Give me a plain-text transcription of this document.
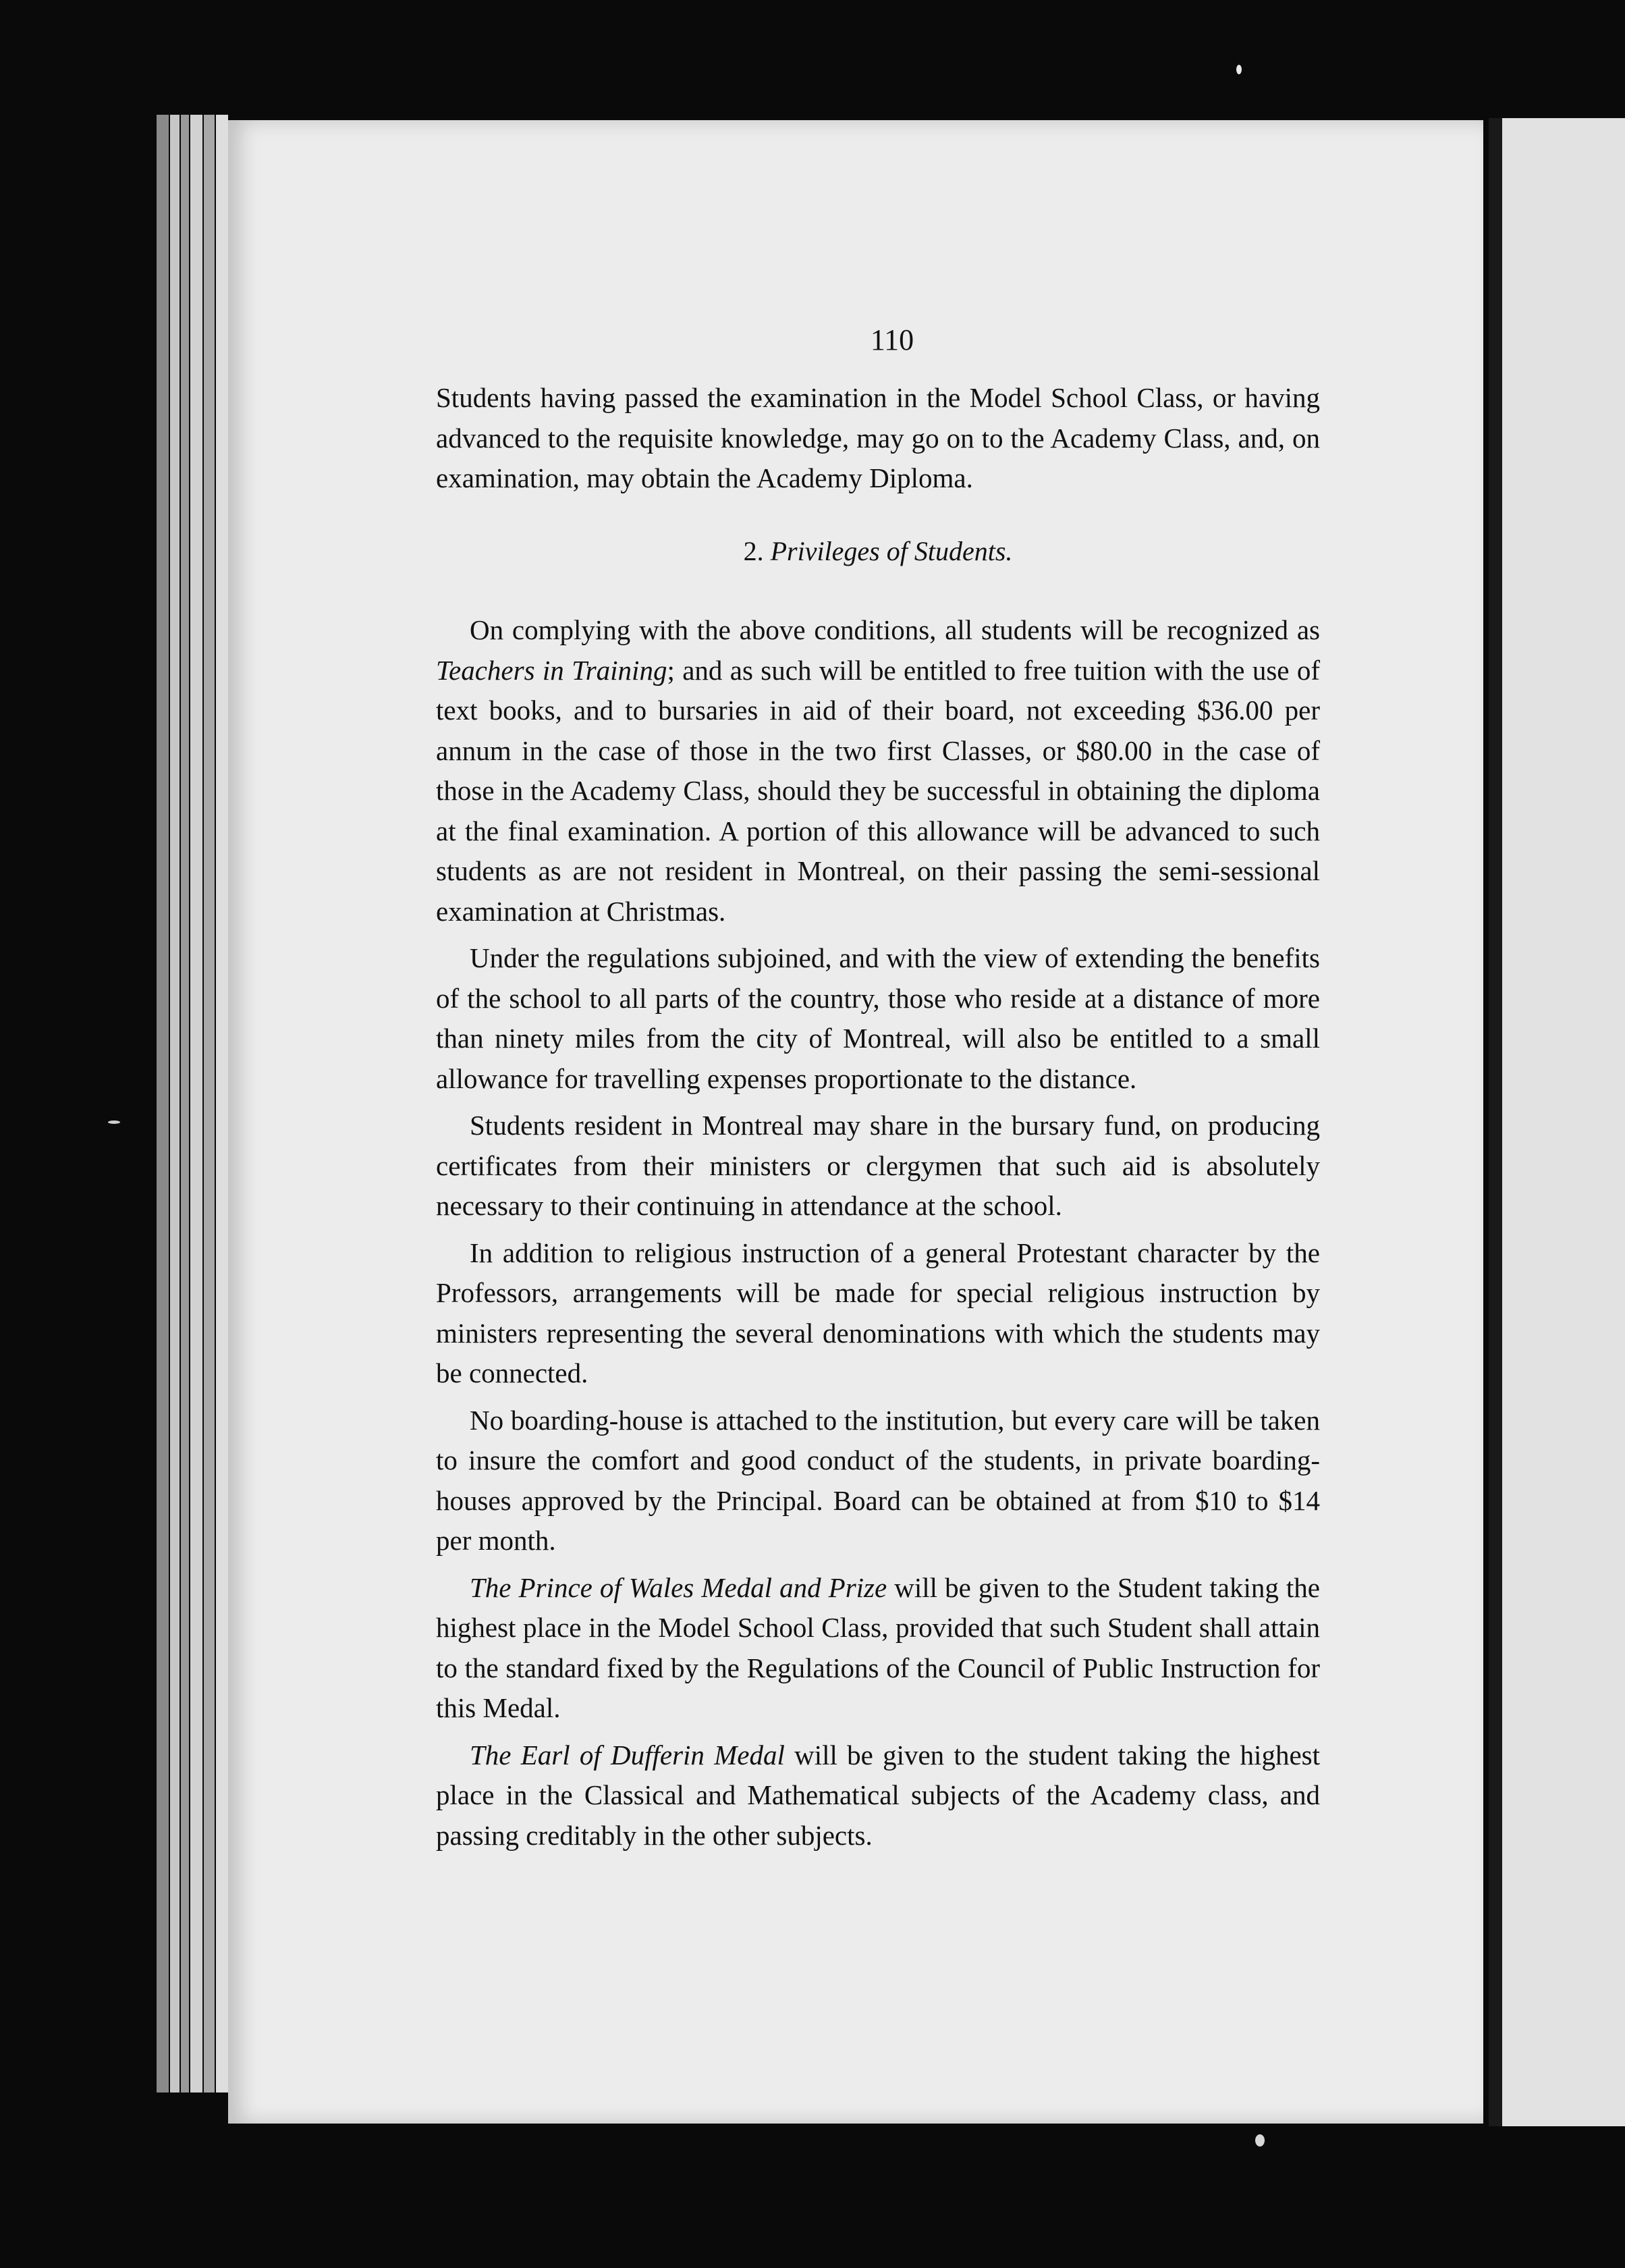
110

Students having passed the examination in the Model School Class, or having advanced to the requisite knowledge, may go on to the Academy Class, and, on examination, may obtain the Academy Diploma.

2. Privileges of Students.

On complying with the above conditions, all students will be recognized as Teachers in Training; and as such will be entitled to free tuition with the use of text books, and to bursaries in aid of their board, not exceeding $36.00 per annum in the case of those in the two first Classes, or $80.00 in the case of those in the Academy Class, should they be successful in obtaining the diploma at the final examination. A portion of this allowance will be advanced to such students as are not resident in Montreal, on their passing the semi-sessional examination at Christmas.

Under the regulations subjoined, and with the view of extending the benefits of the school to all parts of the country, those who reside at a distance of more than ninety miles from the city of Montreal, will also be entitled to a small allowance for travelling expenses proportionate to the distance.

Students resident in Montreal may share in the bursary fund, on producing certificates from their ministers or clergymen that such aid is absolutely necessary to their continuing in attendance at the school.

In addition to religious instruction of a general Protestant character by the Professors, arrangements will be made for special religious instruction by ministers representing the several denominations with which the students may be connected.

No boarding-house is attached to the institution, but every care will be taken to insure the comfort and good conduct of the students, in private boarding-houses approved by the Principal. Board can be obtained at from $10 to $14 per month.

The Prince of Wales Medal and Prize will be given to the Student taking the highest place in the Model School Class, provided that such Student shall attain to the standard fixed by the Regulations of the Council of Public Instruction for this Medal.

The Earl of Dufferin Medal will be given to the student taking the highest place in the Classical and Mathematical subjects of the Academy class, and passing creditably in the other subjects.
